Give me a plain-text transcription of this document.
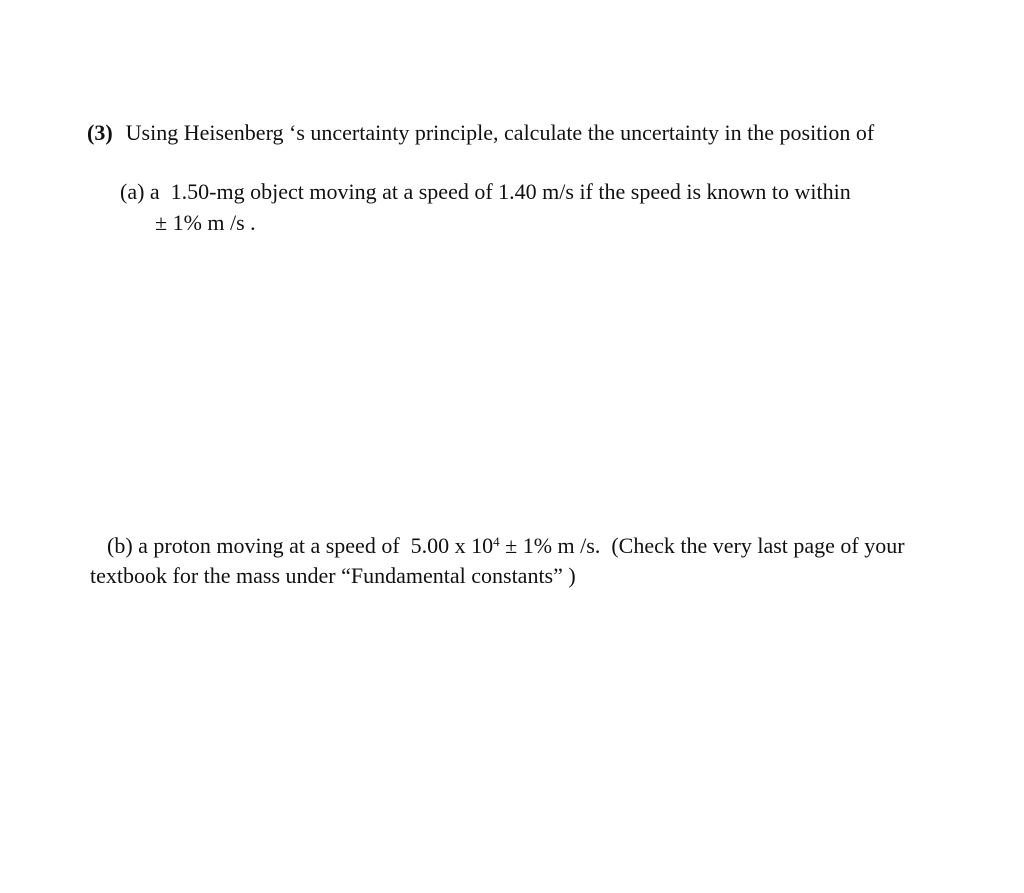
(3) Using Heisenberg ‘s uncertainty principle, calculate the uncertainty in the position of
(a) a  1.50-mg object moving at a speed of 1.40 m/s if the speed is known to within
± 1% m /s .
(b) a proton moving at a speed of  5.00 x $10^4 \pm 1\%$ m /s.  (Check the very last page of your
textbook for the mass under “Fundamental constants” )
